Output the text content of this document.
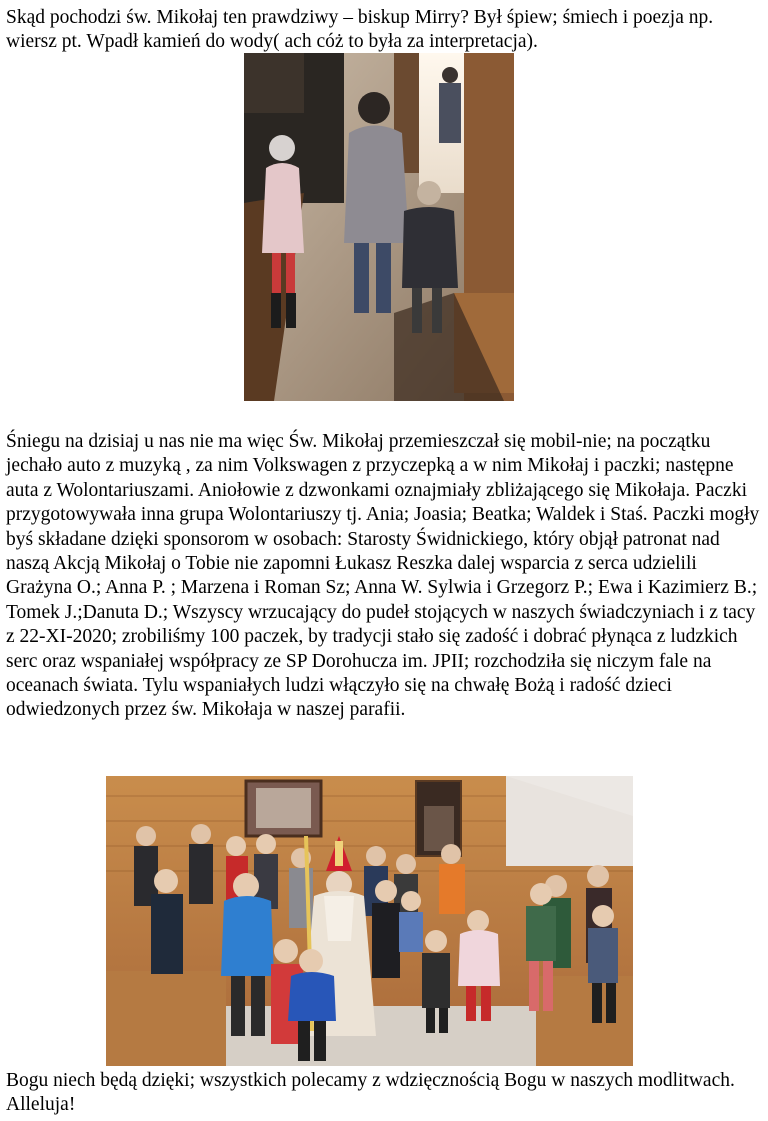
Skąd pochodzi św. Mikołaj ten prawdziwy – biskup Mirry? Był śpiew; śmiech i poezja np. wiersz pt. Wpadł kamień do wody( ach cóż to była za interpretacja).

Śniegu na dzisiaj u nas nie ma więc Św. Mikołaj przemieszczał się mobil-nie; na początku jechało auto z muzyką , za nim Volkswagen z przyczepką a w nim Mikołaj i paczki; następne auta z Wolontariuszami. Aniołowie z dzwonkami oznajmiały zbliżającego się Mikołaja. Paczki przygotowywała inna grupa Wolontariuszy tj. Ania; Joasia; Beatka; Waldek i Staś. Paczki mogły byś składane dzięki sponsorom w osobach: Starosty Świdnickiego, który objął patronat nad naszą Akcją Mikołaj o Tobie nie zapomni Łukasz Reszka dalej wsparcia z serca udzielili Grażyna O.; Anna P. ; Marzena i Roman Sz; Anna W. Sylwia i Grzegorz P.; Ewa i Kazimierz B.; Tomek J.;Danuta D.; Wszyscy wrzucający do pudeł stojących w naszych świadczyniach i z tacy z 22-XI-2020; zrobiliśmy 100 paczek, by tradycji stało się zadość i dobrać płynąca z ludzkich serc oraz wspaniałej współpracy ze SP Dorohucza im. JPII; rozchodziła się niczym fale na oceanach świata. Tylu wspaniałych ludzi włączyło się na chwałę Bożą i radość dzieci odwiedzonych przez św. Mikołaja w naszej parafii.

Bogu niech będą dzięki; wszystkich polecamy z wdzięcznością Bogu w naszych modlitwach. Alleluja!
